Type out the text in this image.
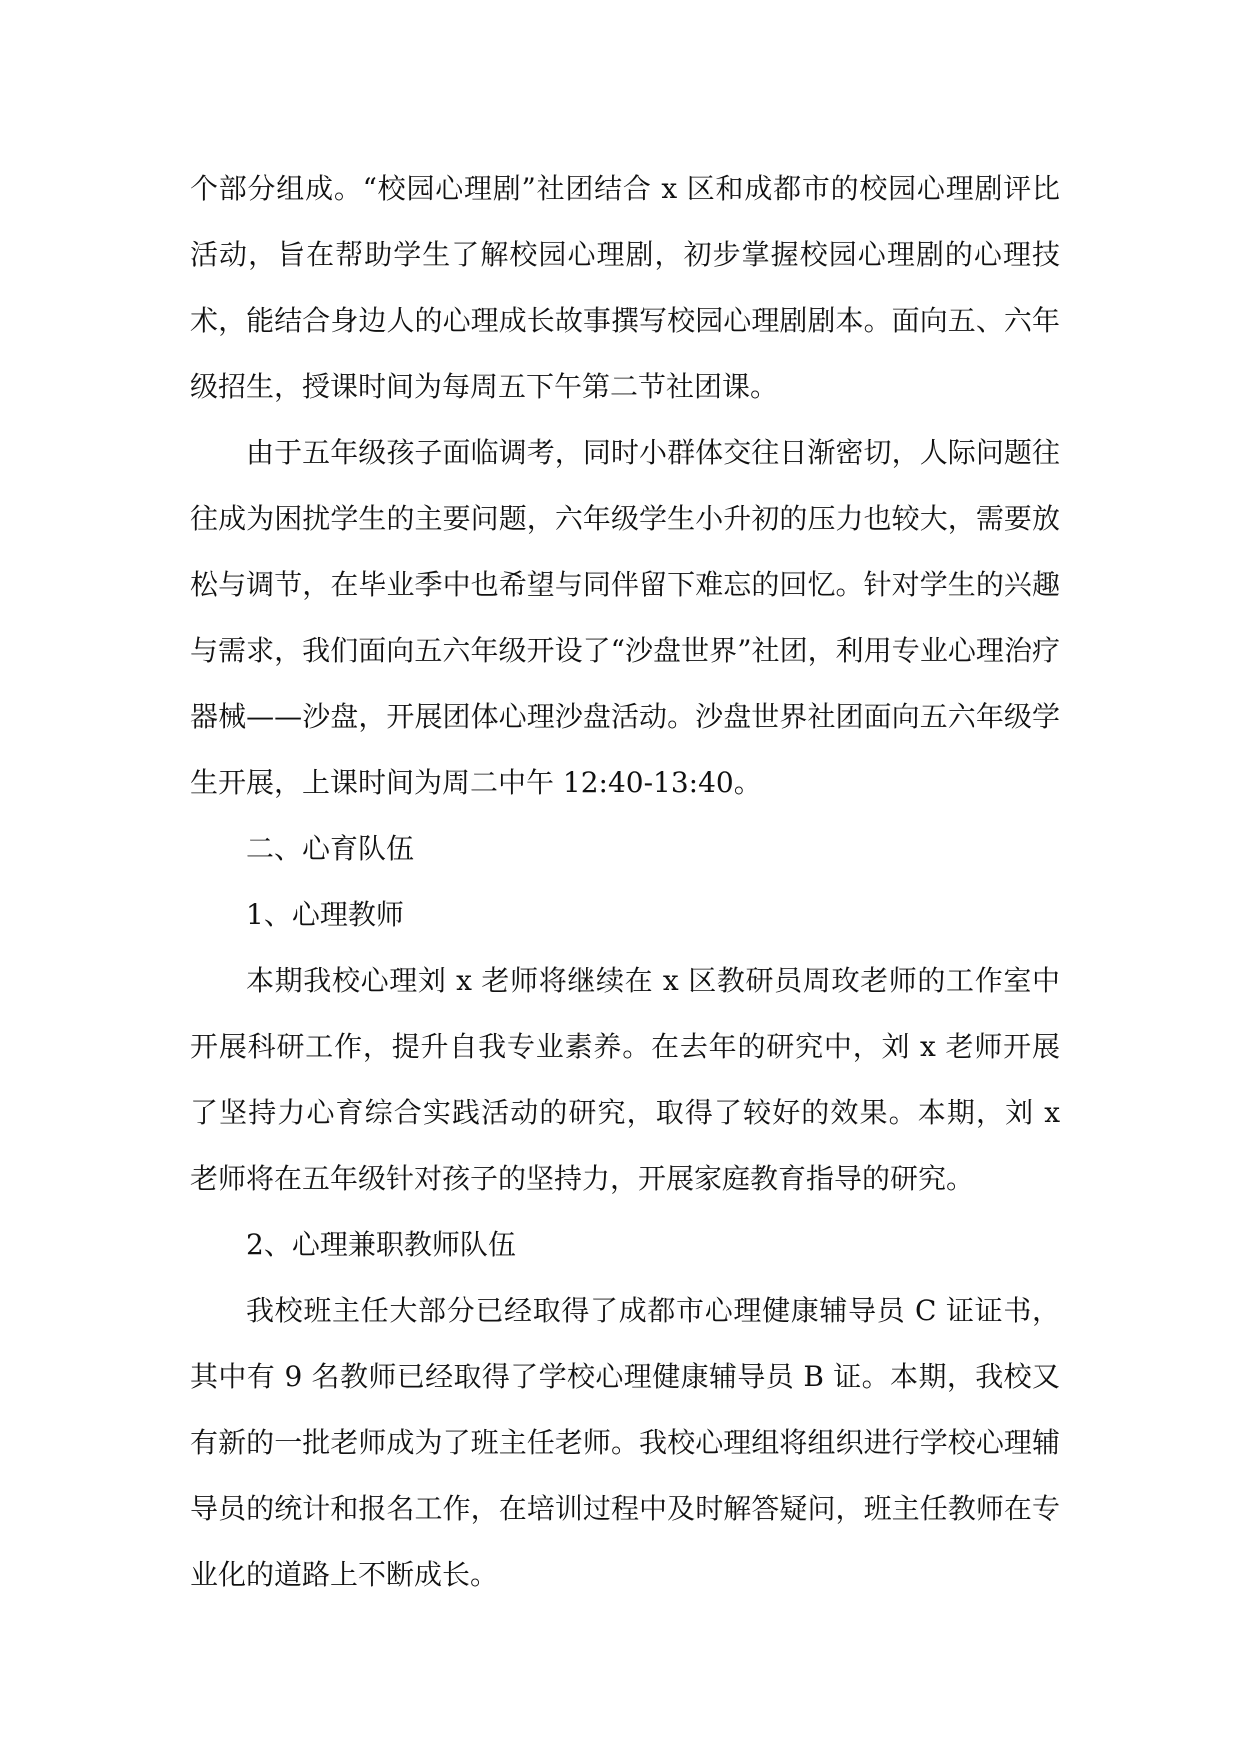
个部分组成。“校园心理剧”社团结合 x 区和成都市的校园心理剧评比活动，旨在帮助学生了解校园心理剧，初步掌握校园心理剧的心理技术，能结合身边人的心理成长故事撰写校园心理剧剧本。面向五、六年级招生，授课时间为每周五下午第二节社团课。

由于五年级孩子面临调考，同时小群体交往日渐密切，人际问题往往成为困扰学生的主要问题，六年级学生小升初的压力也较大，需要放松与调节，在毕业季中也希望与同伴留下难忘的回忆。针对学生的兴趣与需求，我们面向五六年级开设了“沙盘世界”社团，利用专业心理治疗器械——沙盘，开展团体心理沙盘活动。沙盘世界社团面向五六年级学生开展，上课时间为周二中午 12:40-13:40。

二、心育队伍

1、心理教师

本期我校心理刘 x 老师将继续在 x 区教研员周玫老师的工作室中开展科研工作，提升自我专业素养。在去年的研究中，刘 x 老师开展了坚持力心育综合实践活动的研究，取得了较好的效果。本期，刘 x 老师将在五年级针对孩子的坚持力，开展家庭教育指导的研究。

2、心理兼职教师队伍

我校班主任大部分已经取得了成都市心理健康辅导员 C 证证书，其中有 9 名教师已经取得了学校心理健康辅导员 B 证。本期，我校又有新的一批老师成为了班主任老师。我校心理组将组织进行学校心理辅导员的统计和报名工作，在培训过程中及时解答疑问，班主任教师在专业化的道路上不断成长。
